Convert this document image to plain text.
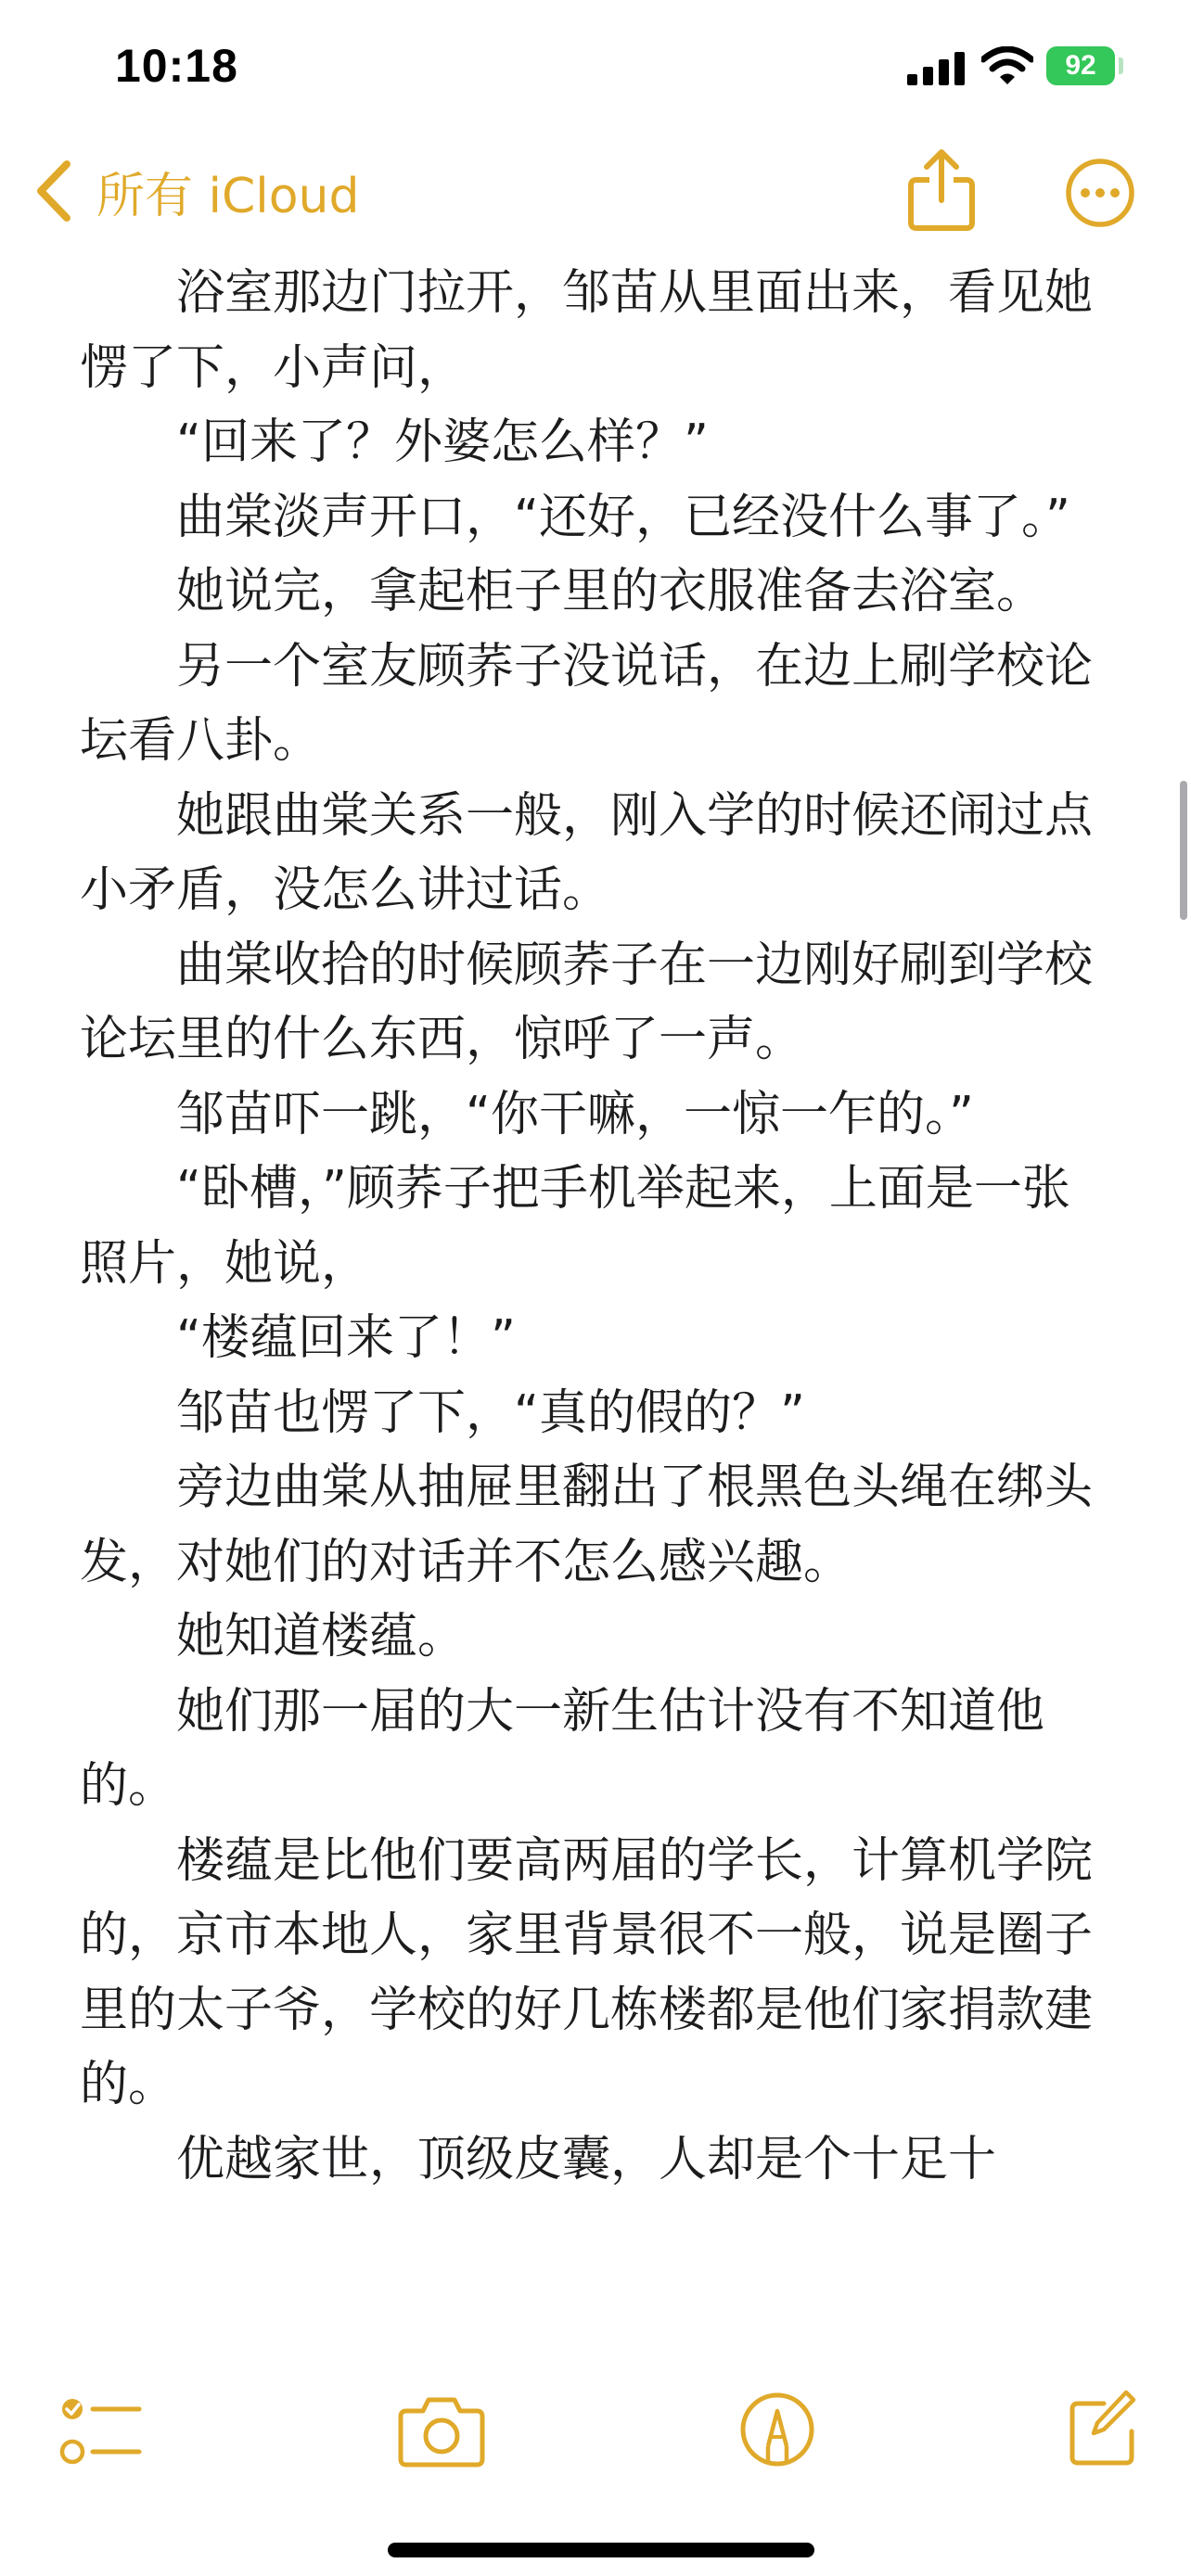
10:18	92
所有 iCloud

浴室那边门拉开，邹苗从里面出来，看见她愣了下，小声问，

“回来了？外婆怎么样？”

曲棠淡声开口，“还好，已经没什么事了。”

她说完，拿起柜子里的衣服准备去浴室。

另一个室友顾荞子没说话，在边上刷学校论坛看八卦。

她跟曲棠关系一般，刚入学的时候还闹过点小矛盾，没怎么讲过话。

曲棠收拾的时候顾荞子在一边刚好刷到学校论坛里的什么东西，惊呼了一声。

邹苗吓一跳，“你干嘛，一惊一乍的。”

“卧槽，”顾荞子把手机举起来，上面是一张照片，她说，

“楼蕴回来了！”

邹苗也愣了下，“真的假的？”

旁边曲棠从抽屉里翻出了根黑色头绳在绑头发，对她们的对话并不怎么感兴趣。

她知道楼蕴。

她们那一届的大一新生估计没有不知道他的。

楼蕴是比他们要高两届的学长，计算机学院的，京市本地人，家里背景很不一般，说是圈子里的太子爷，学校的好几栋楼都是他们家捐款建的。

优越家世，顶级皮囊，人却是个十足十
